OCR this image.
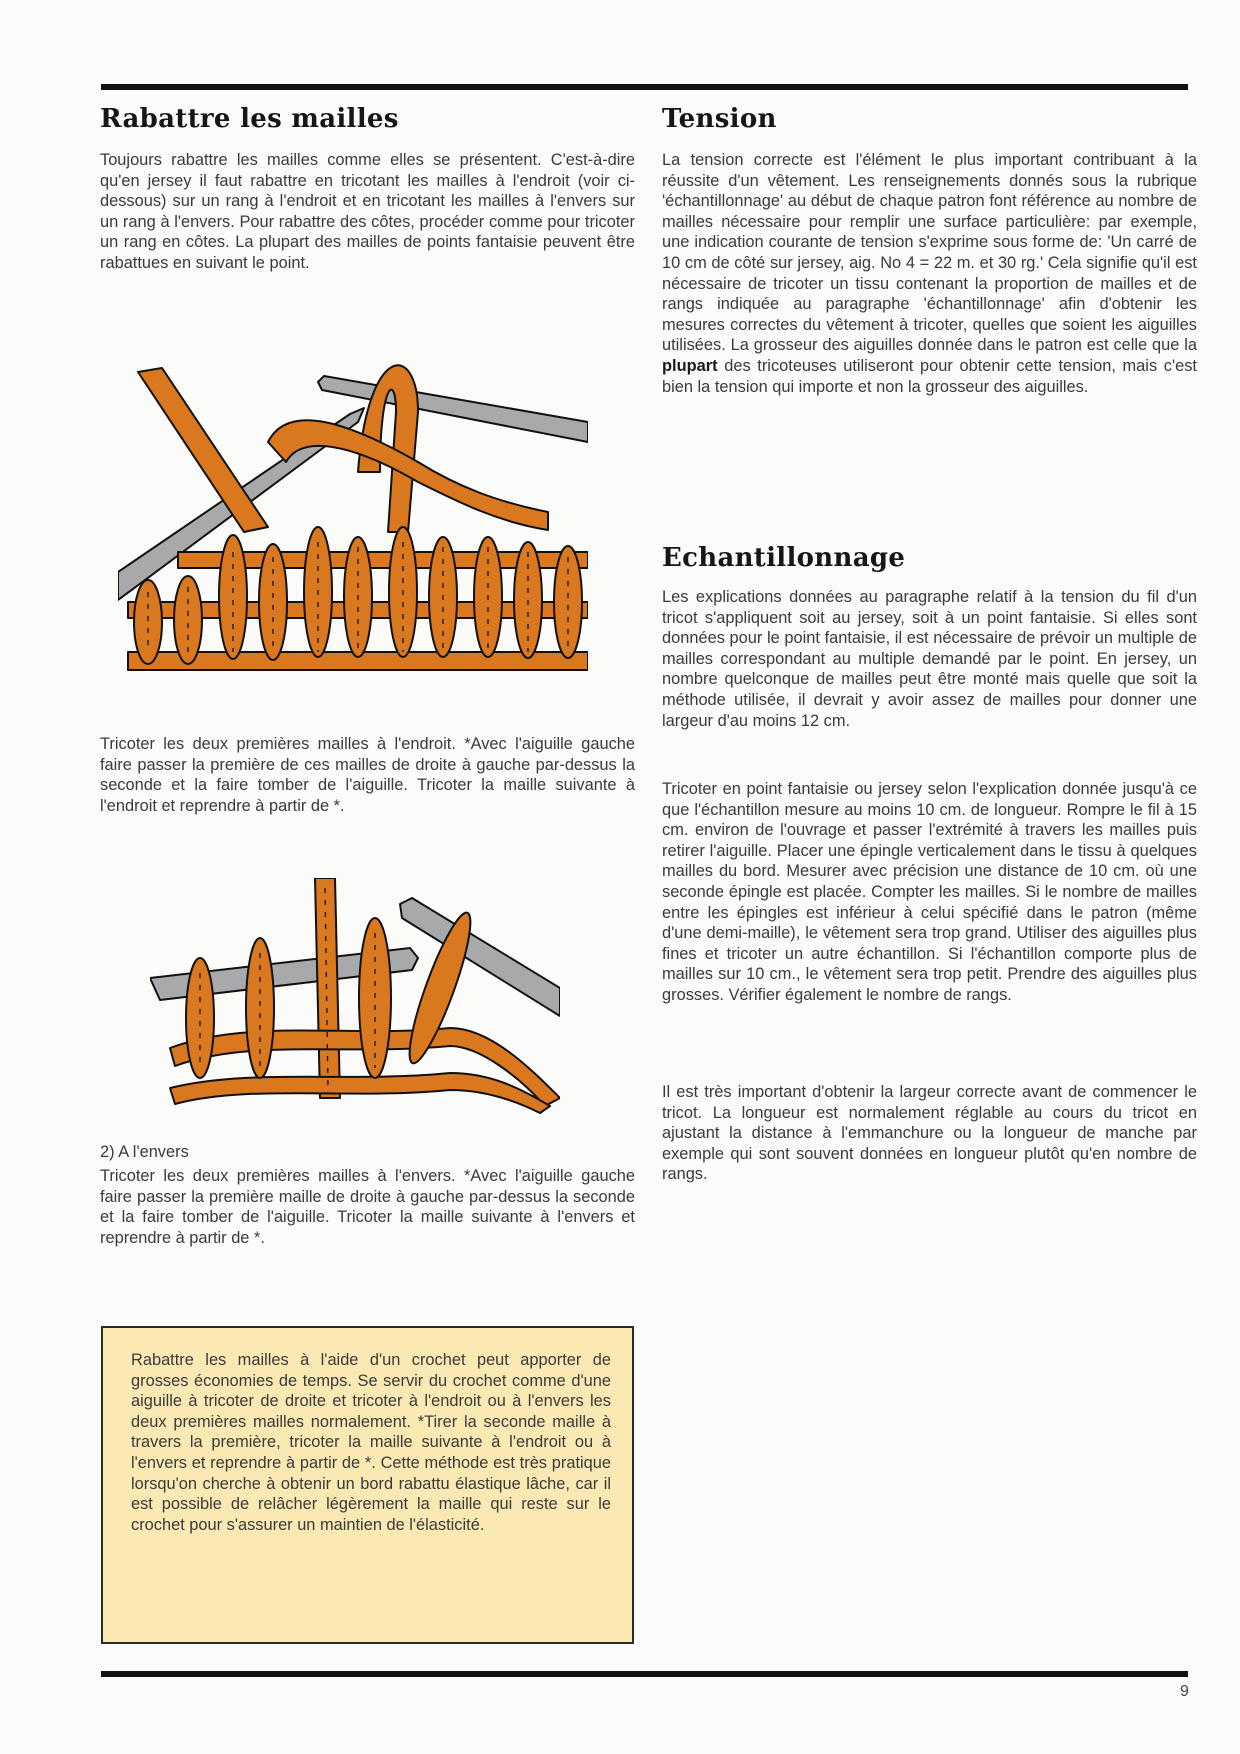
Rabattre les mailles

Toujours rabattre les mailles comme elles se présentent. C'est-à-dire qu'en jersey il faut rabattre en tricotant les mailles à l'endroit (voir ci-dessous) sur un rang à l'endroit et en tricotant les mailles à l'envers sur un rang à l'envers. Pour rabattre des côtes, procéder comme pour tricoter un rang en côtes. La plupart des mailles de points fantaisie peuvent être rabattues en suivant le point.

Tricoter les deux premières mailles à l'endroit. *Avec l'aiguille gauche faire passer la première de ces mailles de droite à gauche par-dessus la seconde et la faire tomber de l'aiguille. Tricoter la maille suivante à l'endroit et reprendre à partir de *.

2) A l'envers

Tricoter les deux premières mailles à l'envers. *Avec l'aiguille gauche faire passer la première maille de droite à gauche par-dessus la seconde et la faire tomber de l'aiguille. Tricoter la maille suivante à l'envers et reprendre à partir de *.

Rabattre les mailles à l'aide d'un crochet peut apporter de grosses économies de temps. Se servir du crochet comme d'une aiguille à tricoter de droite et tricoter à l'endroit ou à l'envers les deux premières mailles normalement. *Tirer la seconde maille à travers la première, tricoter la maille suivante à l'endroit ou à l'envers et reprendre à partir de *. Cette méthode est très pratique lorsqu'on cherche à obtenir un bord rabattu élastique lâche, car il est possible de relâcher légèrement la maille qui reste sur le crochet pour s'assurer un maintien de l'élasticité.

Tension

La tension correcte est l'élément le plus important contribuant à la réussite d'un vêtement. Les renseignements donnés sous la rubrique 'échantillonnage' au début de chaque patron font référence au nombre de mailles nécessaire pour remplir une surface particulière: par exemple, une indication courante de tension s'exprime sous forme de: 'Un carré de 10 cm de côté sur jersey, aig. No 4 = 22 m. et 30 rg.' Cela signifie qu'il est nécessaire de tricoter un tissu contenant la proportion de mailles et de rangs indiquée au paragraphe 'échantillonnage' afin d'obtenir les mesures correctes du vêtement à tricoter, quelles que soient les aiguilles utilisées. La grosseur des aiguilles donnée dans le patron est celle que la plupart des tricoteuses utiliseront pour obtenir cette tension, mais c'est bien la tension qui importe et non la grosseur des aiguilles.

Echantillonnage

Les explications données au paragraphe relatif à la tension du fil d'un tricot s'appliquent soit au jersey, soit à un point fantaisie. Si elles sont données pour le point fantaisie, il est nécessaire de prévoir un multiple de mailles correspondant au multiple demandé par le point. En jersey, un nombre quelconque de mailles peut être monté mais quelle que soit la méthode utilisée, il devrait y avoir assez de mailles pour donner une largeur d'au moins 12 cm.

Tricoter en point fantaisie ou jersey selon l'explication donnée jusqu'à ce que l'échantillon mesure au moins 10 cm. de longueur. Rompre le fil à 15 cm. environ de l'ouvrage et passer l'extrémité à travers les mailles puis retirer l'aiguille. Placer une épingle verticalement dans le tissu à quelques mailles du bord. Mesurer avec précision une distance de 10 cm. où une seconde épingle est placée. Compter les mailles. Si le nombre de mailles entre les épingles est inférieur à celui spécifié dans le patron (même d'une demi-maille), le vêtement sera trop grand. Utiliser des aiguilles plus fines et tricoter un autre échantillon. Si l'échantillon comporte plus de mailles sur 10 cm., le vêtement sera trop petit. Prendre des aiguilles plus grosses. Vérifier également le nombre de rangs.

Il est très important d'obtenir la largeur correcte avant de commencer le tricot. La longueur est normalement réglable au cours du tricot en ajustant la distance à l'emmanchure ou la longueur de manche par exemple qui sont souvent données en longueur plutôt qu'en nombre de rangs.

9
